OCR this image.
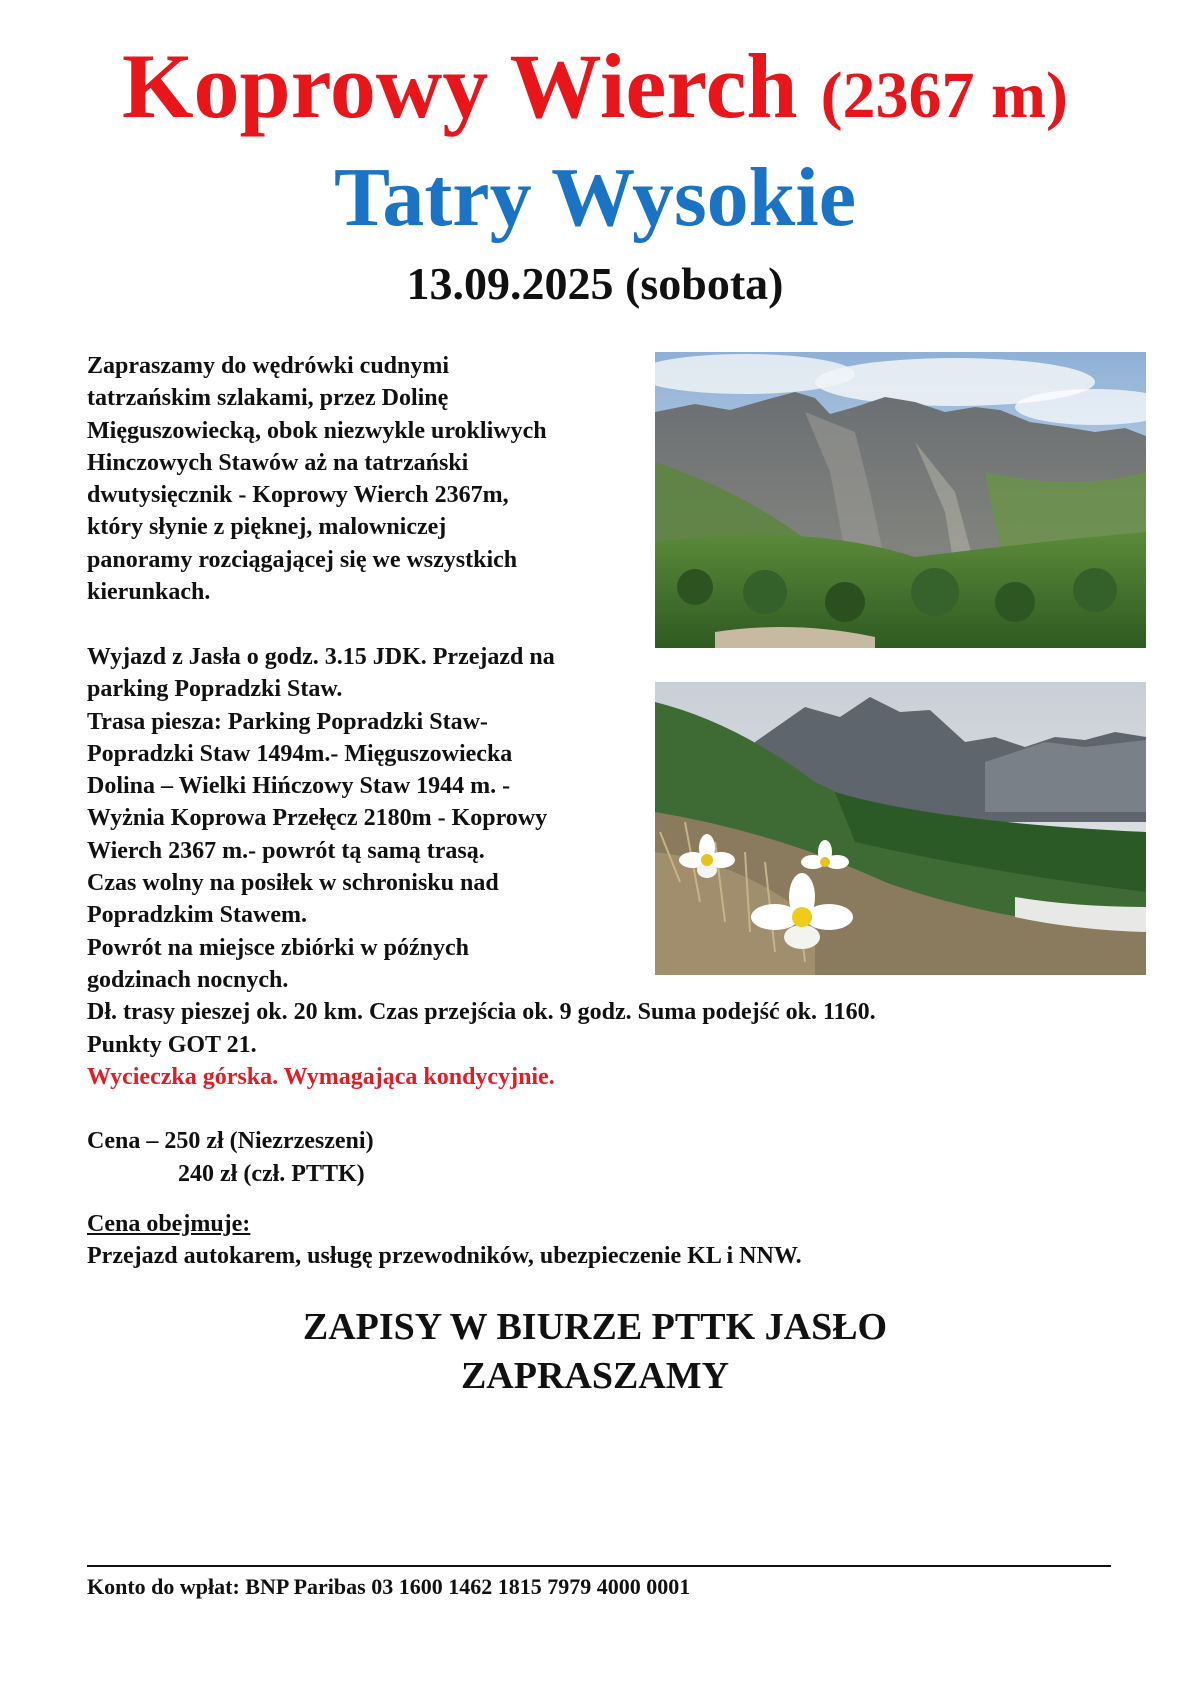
Koprowy Wierch (2367 m)
Tatry Wysokie
13.09.2025 (sobota)
Zapraszamy do wędrówki cudnymi
tatrzańskim szlakami, przez Dolinę
Mięguszowiecką, obok niezwykle urokliwych
Hinczowych Stawów aż na tatrzański
dwutysięcznik - Koprowy Wierch 2367m,
który słynie z pięknej, malowniczej
panoramy rozciągającej się we wszystkich
kierunkach.
Wyjazd z Jasła o godz. 3.15 JDK. Przejazd na
parking Popradzki Staw.
Trasa piesza: Parking Popradzki Staw-
Popradzki Staw 1494m.- Mięguszowiecka
Dolina – Wielki Hińczowy Staw 1944 m. -
Wyżnia Koprowa Przełęcz 2180m - Koprowy
Wierch 2367 m.- powrót tą samą trasą.
Czas wolny na posiłek w schronisku nad
Popradzkim Stawem.
Powrót na miejsce zbiórki w późnych
godzinach nocnych.
Dł. trasy pieszej ok. 20 km. Czas przejścia ok. 9 godz. Suma podejść ok. 1160.
Punkty GOT 21.
Wycieczka górska. Wymagająca kondycyjnie.

Cena – 250 zł (Niezrzeszeni)
240 zł (czł. PTTK)
Cena obejmuje:
Przejazd autokarem, usługę przewodników, ubezpieczenie KL i NNW.
ZAPISY W BIURZE PTTK JASŁO
ZAPRASZAMY
Konto do wpłat: BNP Paribas 03 1600 1462 1815 7979 4000 0001
